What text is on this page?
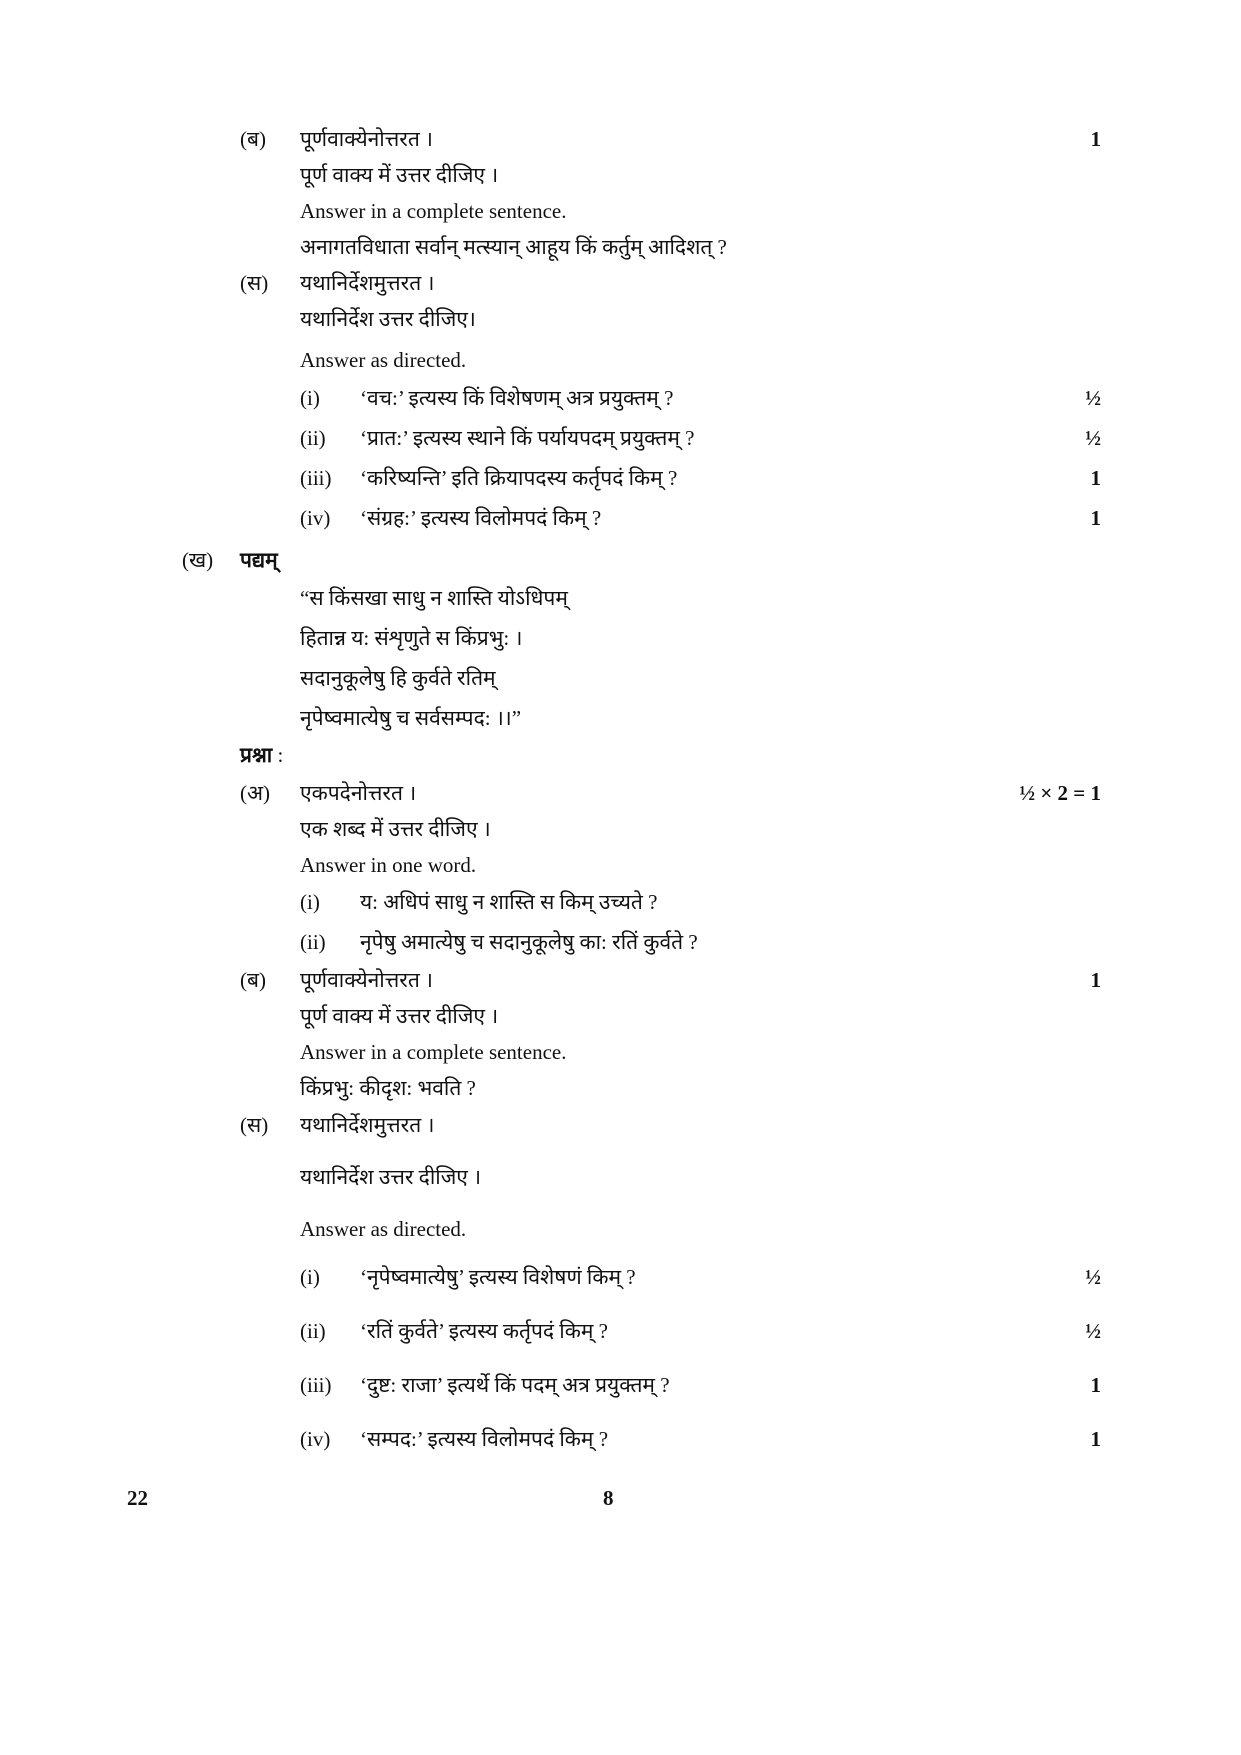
(ब) पूर्णवाक्येनोत्तरत ।	1
पूर्ण वाक्य में उत्तर दीजिए ।
Answer in a complete sentence.
अनागतविधाता सर्वान् मत्स्यान् आहूय किं कर्तुम् आदिशत् ?
(स) यथानिर्देशमुत्तरत ।
यथानिर्देश उत्तर दीजिए।
Answer as directed.
(i) ‘वच:’ इत्यस्य किं विशेषणम् अत्र प्रयुक्तम् ?	½
(ii) ‘प्रात:’ इत्यस्य स्थाने किं पर्यायपदम् प्रयुक्तम् ?	½
(iii) ‘करिष्यन्ति’ इति क्रियापदस्य कर्तृपदं किम् ?	1
(iv) ‘संग्रह:’ इत्यस्य विलोमपदं किम् ?	1
(ख) पद्यम्
“स किंसखा साधु न शास्ति योऽधिपम्
हितान्न य: संशृणुते स किंप्रभु: ।
सदानुकूलेषु हि कुर्वते रतिम्
नृपेष्वमात्येषु च सर्वसम्पद: ।।”
प्रश्ना :
(अ) एकपदेनोत्तरत ।	½ × 2 = 1
एक शब्द में उत्तर दीजिए ।
Answer in one word.
(i) य: अधिपं साधु न शास्ति स किम् उच्यते ?
(ii) नृपेषु अमात्येषु च सदानुकूलेषु का: रतिं कुर्वते ?
(ब) पूर्णवाक्येनोत्तरत ।	1
पूर्ण वाक्य में उत्तर दीजिए ।
Answer in a complete sentence.
किंप्रभु: कीदृश: भवति ?
(स) यथानिर्देशमुत्तरत ।
यथानिर्देश उत्तर दीजिए ।
Answer as directed.
(i) ‘नृपेष्वमात्येषु’ इत्यस्य विशेषणं किम् ?	½
(ii) ‘रतिं कुर्वते’ इत्यस्य कर्तृपदं किम् ?	½
(iii) ‘दुष्ट: राजा’ इत्यर्थे किं पदम् अत्र प्रयुक्तम् ?	1
(iv) ‘सम्पद:’ इत्यस्य विलोमपदं किम् ?	1
22	8
